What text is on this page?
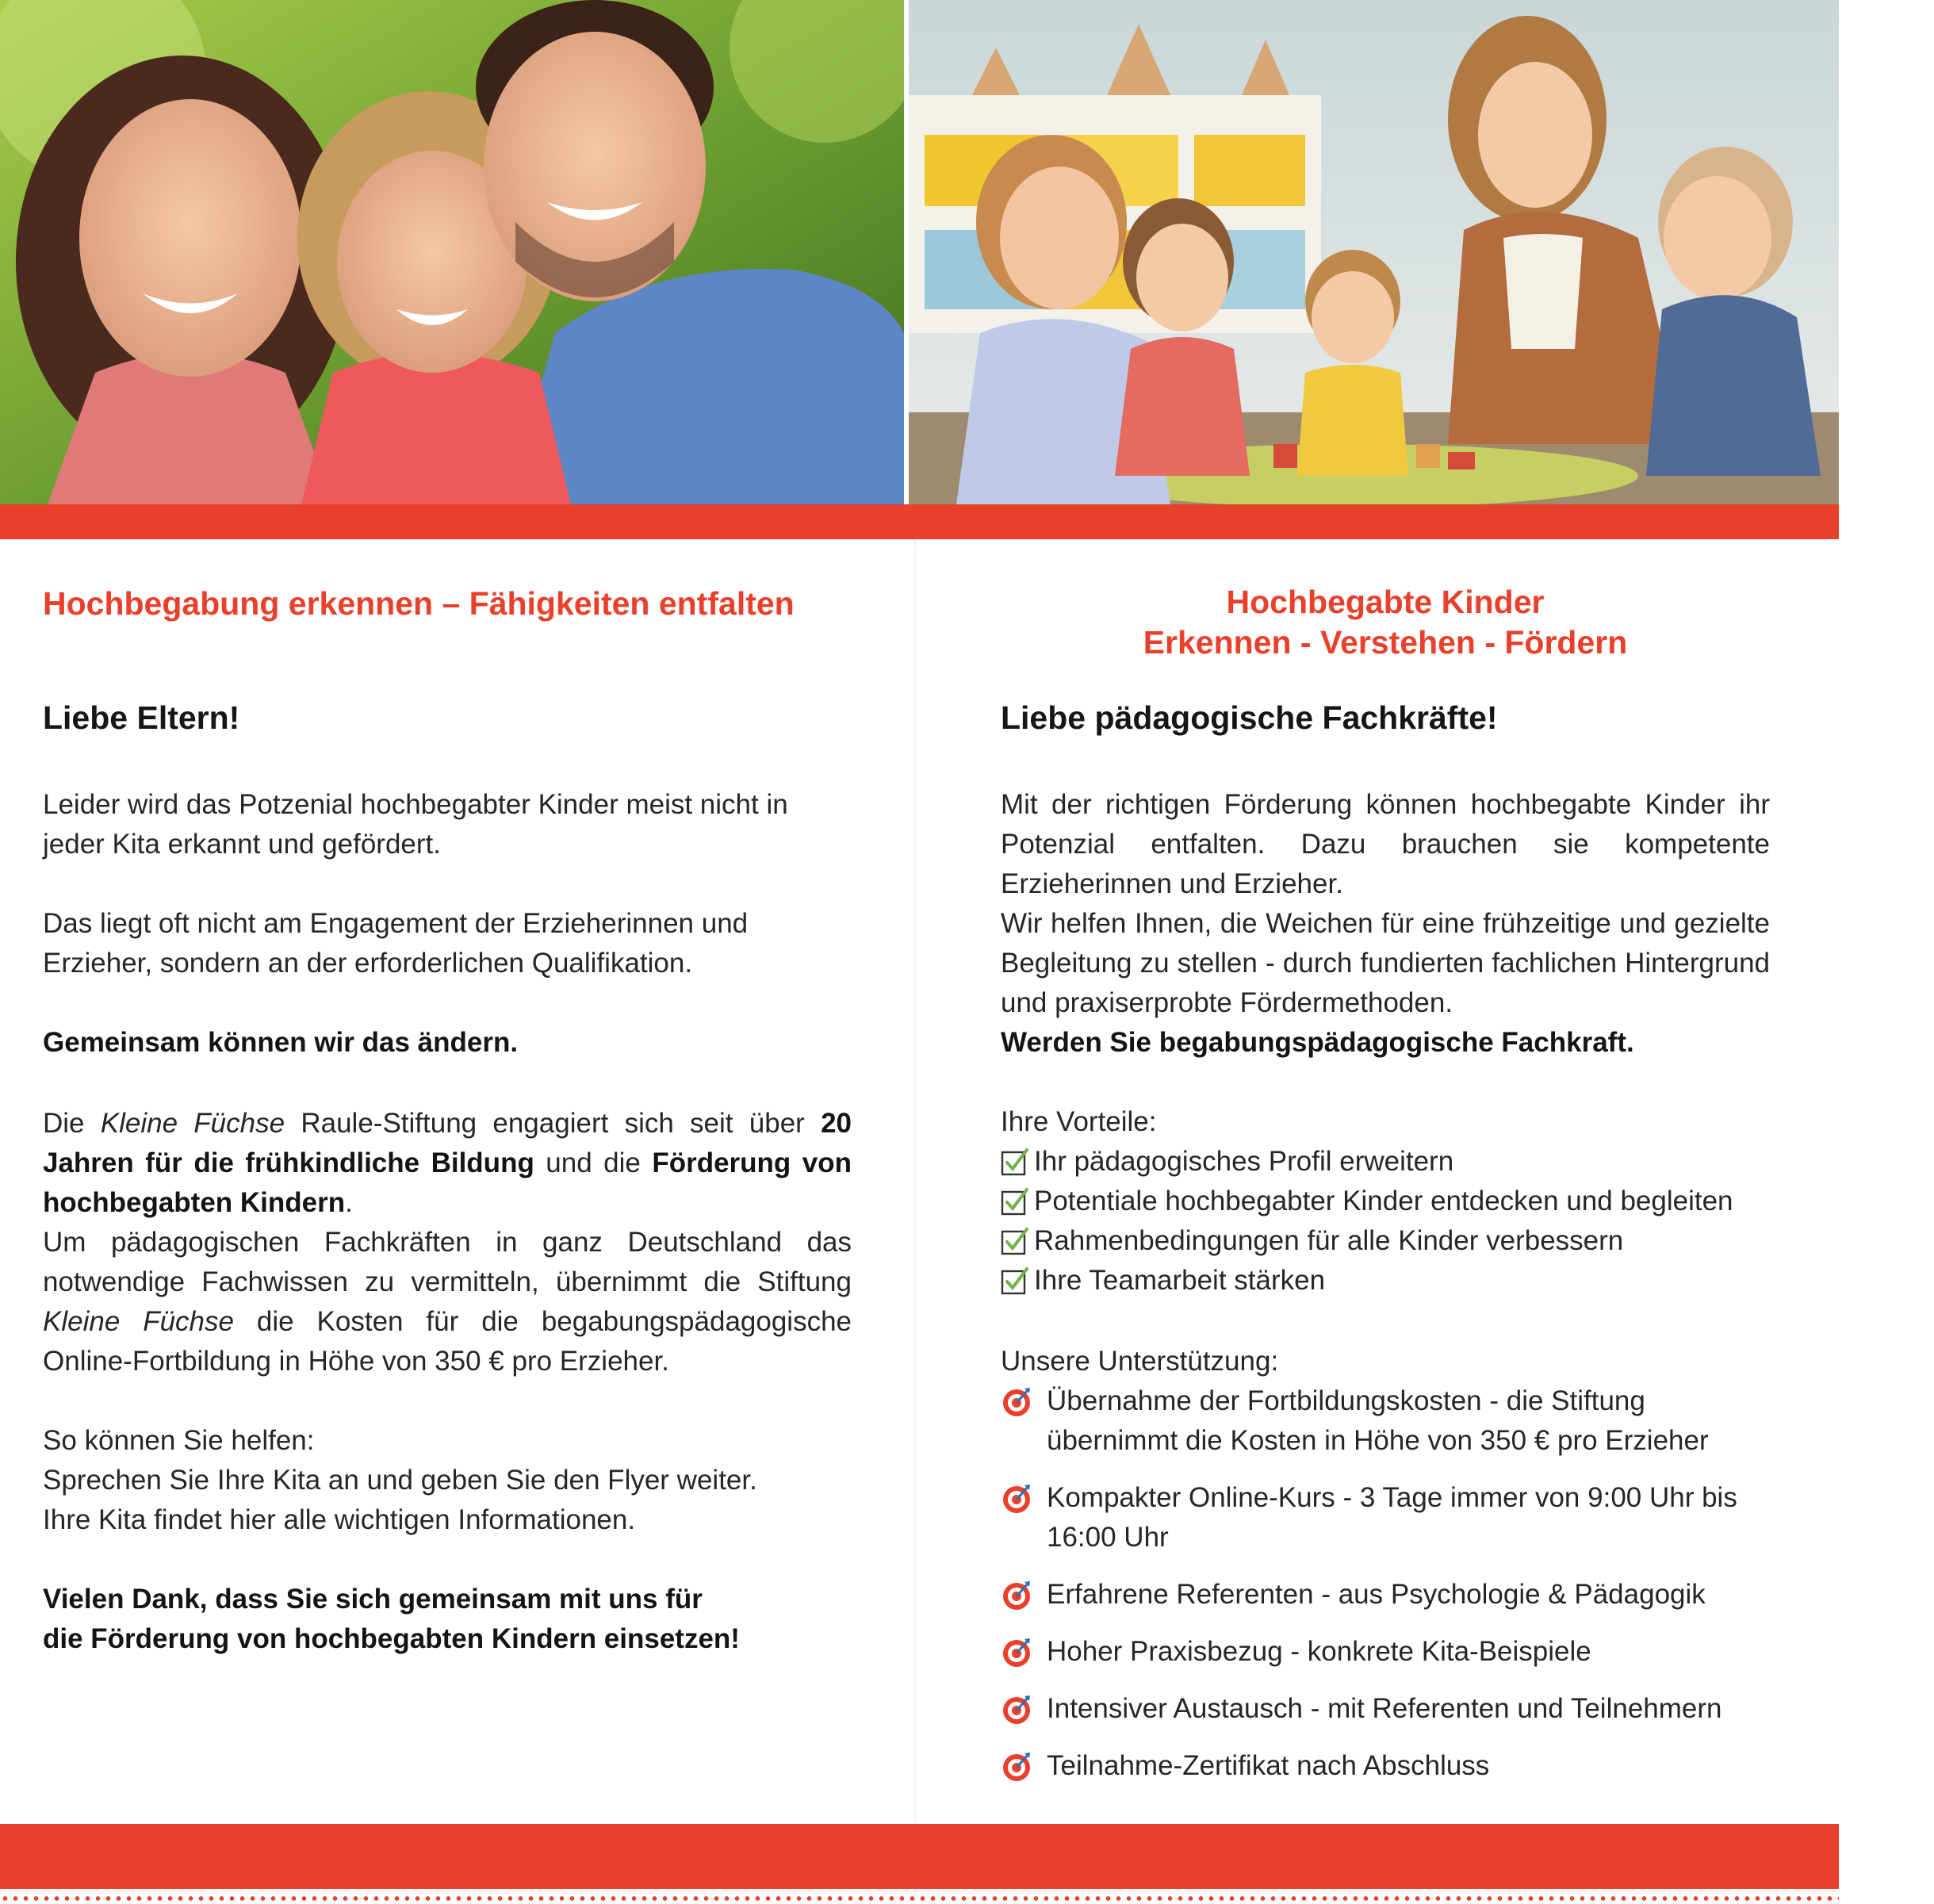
Hochbegabung erkennen – Fähigkeiten entfalten
Liebe Eltern!

Leider wird das Potzenial hochbegabter Kinder meist nicht in jeder Kita erkannt und gefördert.

Das liegt oft nicht am Engagement der Erzieherinnen und Erzieher, sondern an der erforderlichen Qualifikation.

Gemeinsam können wir das ändern.

Die Kleine Füchse Raule-Stiftung engagiert sich seit über 20 Jahren für die frühkindliche Bildung und die Förderung von hochbegabten Kindern.

Um pädagogischen Fachkräften in ganz Deutschland das notwendige Fachwissen zu vermitteln, übernimmt die Stiftung Kleine Füchse die Kosten für die begabungspädagogische Online-Fortbildung in Höhe von 350 € pro Erzieher.

So können Sie helfen:

Sprechen Sie Ihre Kita an und geben Sie den Flyer weiter.

Ihre Kita findet hier alle wichtigen Informationen.

Vielen Dank, dass Sie sich gemeinsam mit uns für

die Förderung von hochbegabten Kindern einsetzen!

Hochbegabte Kinder
Erkennen - Verstehen - Fördern
Liebe pädagogische Fachkräfte!

Mit der richtigen Förderung können hochbegabte Kinder ihr Potenzial entfalten. Dazu brauchen sie kompetente Erzieherinnen und Erzieher.

Wir helfen Ihnen, die Weichen für eine frühzeitige und gezielte Begleitung zu stellen - durch fundierten fachlichen Hintergrund und praxiserprobte Fördermethoden.

Werden Sie begabungspädagogische Fachkraft.

Ihre Vorteile:
Ihr pädagogisches Profil erweitern
Potentiale hochbegabter Kinder entdecken und begleiten
Rahmenbedingungen für alle Kinder verbessern
Ihre Teamarbeit stärken
Unsere Unterstützung:
Übernahme der Fortbildungskosten - die Stiftung übernimmt die Kosten in Höhe von 350 € pro Erzieher
Kompakter Online-Kurs - 3 Tage immer von 9:00 Uhr bis 16:00 Uhr
Erfahrene Referenten - aus Psychologie & Pädagogik
Hoher Praxisbezug - konkrete Kita-Beispiele
Intensiver Austausch - mit Referenten und Teilnehmern
Teilnahme-Zertifikat nach Abschluss
